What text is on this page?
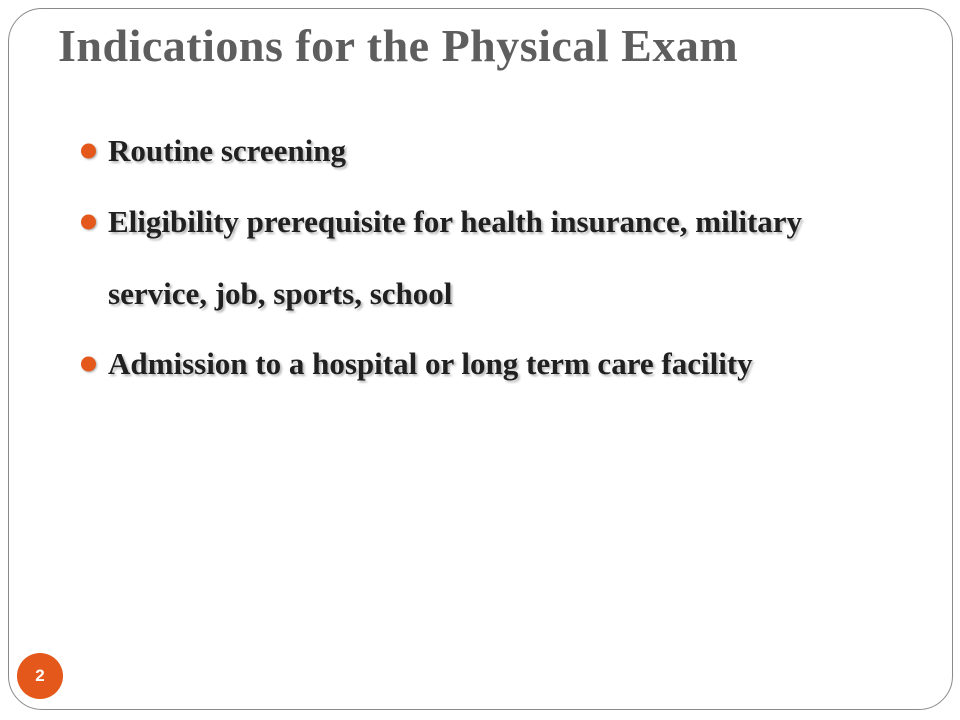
Indications for the Physical Exam
Routine screening
Eligibility prerequisite for health insurance, military service, job, sports, school
Admission to a hospital or long term care facility
2
